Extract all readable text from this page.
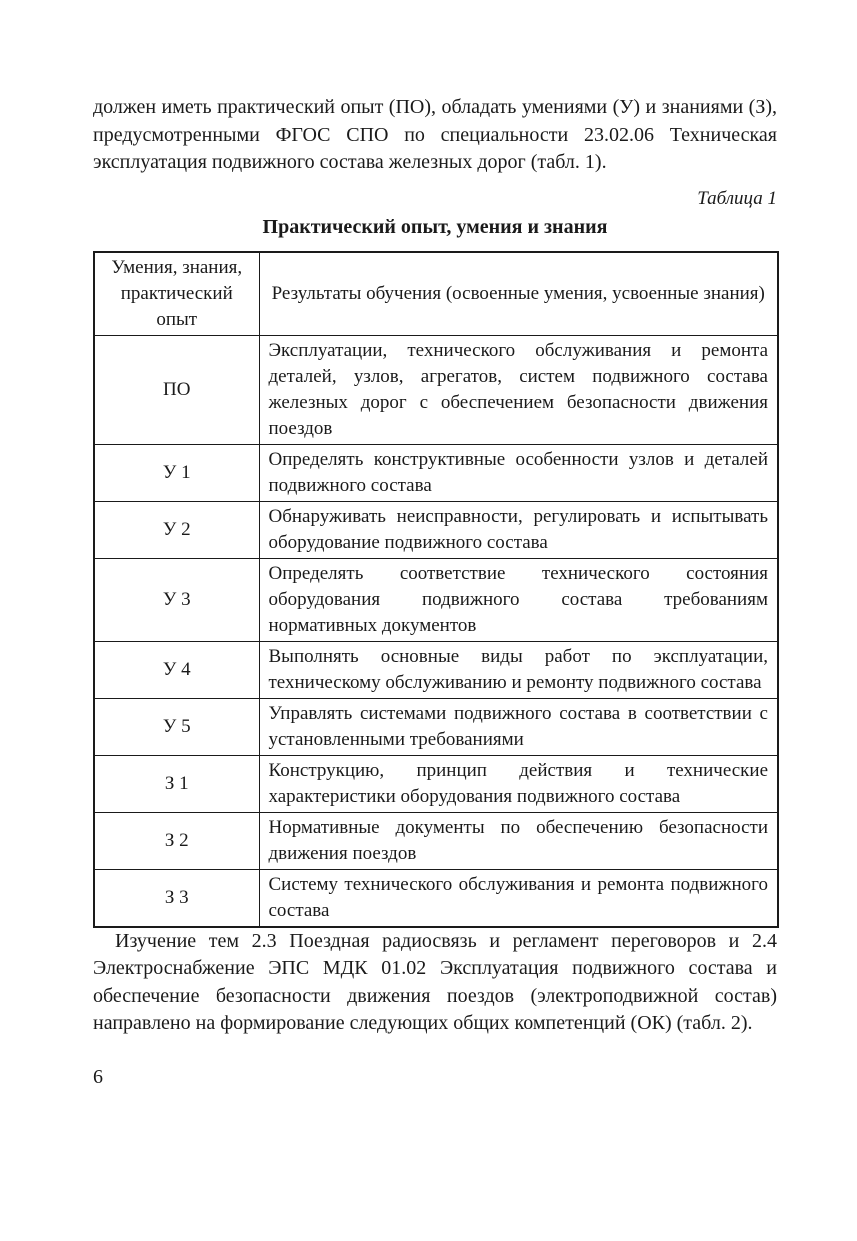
должен иметь практический опыт (ПО), обладать умениями (У) и знаниями (З), предусмотренными ФГОС СПО по специальности 23.02.06 Техническая эксплуатация подвижного состава железных дорог (табл. 1).

Таблица 1
Практический опыт, умения и знания
Умения, знания, практический опыт	Результаты обучения (освоенные умения, усвоенные знания)
ПО	Эксплуатации, технического обслуживания и ремонта деталей, узлов, агрегатов, систем подвижного состава железных дорог с обеспечением безопасности движения поездов
У 1	Определять конструктивные особенности узлов и деталей подвижного состава
У 2	Обнаруживать неисправности, регулировать и испытывать оборудование подвижного состава
У 3	Определять соответствие технического состояния оборудования подвижного состава требованиям нормативных документов
У 4	Выполнять основные виды работ по эксплуатации, техническому обслуживанию и ремонту подвижного состава
У 5	Управлять системами подвижного состава в соответствии с установленными требованиями
З 1	Конструкцию, принцип действия и технические характеристики оборудования подвижного состава
З 2	Нормативные документы по обеспечению безопасности движения поездов
З 3	Систему технического обслуживания и ремонта подвижного состава

Изучение тем 2.3 Поездная радиосвязь и регламент переговоров и 2.4 Электроснабжение ЭПС МДК 01.02 Эксплуатация подвижного состава и обеспечение безопасности движения поездов (электроподвижной состав) направлено на формирование следующих общих компетенций (ОК) (табл. 2).

6
